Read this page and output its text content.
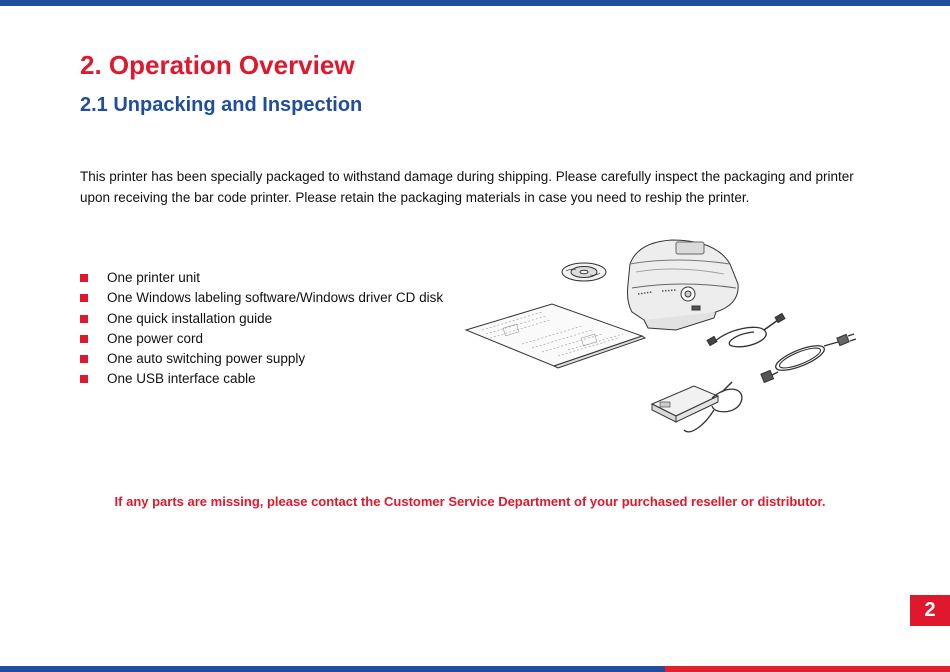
2. Operation Overview
2.1 Unpacking and Inspection

This printer has been specially packaged to withstand damage during shipping. Please carefully inspect the packaging and printer upon receiving the bar code printer. Please retain the packaging materials in case you need to reship the printer.

One printer unit
One Windows labeling software/Windows driver CD disk
One quick installation guide
One power cord
One auto switching power supply
One USB interface cable

If any parts are missing, please contact the Customer Service Department of your purchased reseller or distributor.

2
